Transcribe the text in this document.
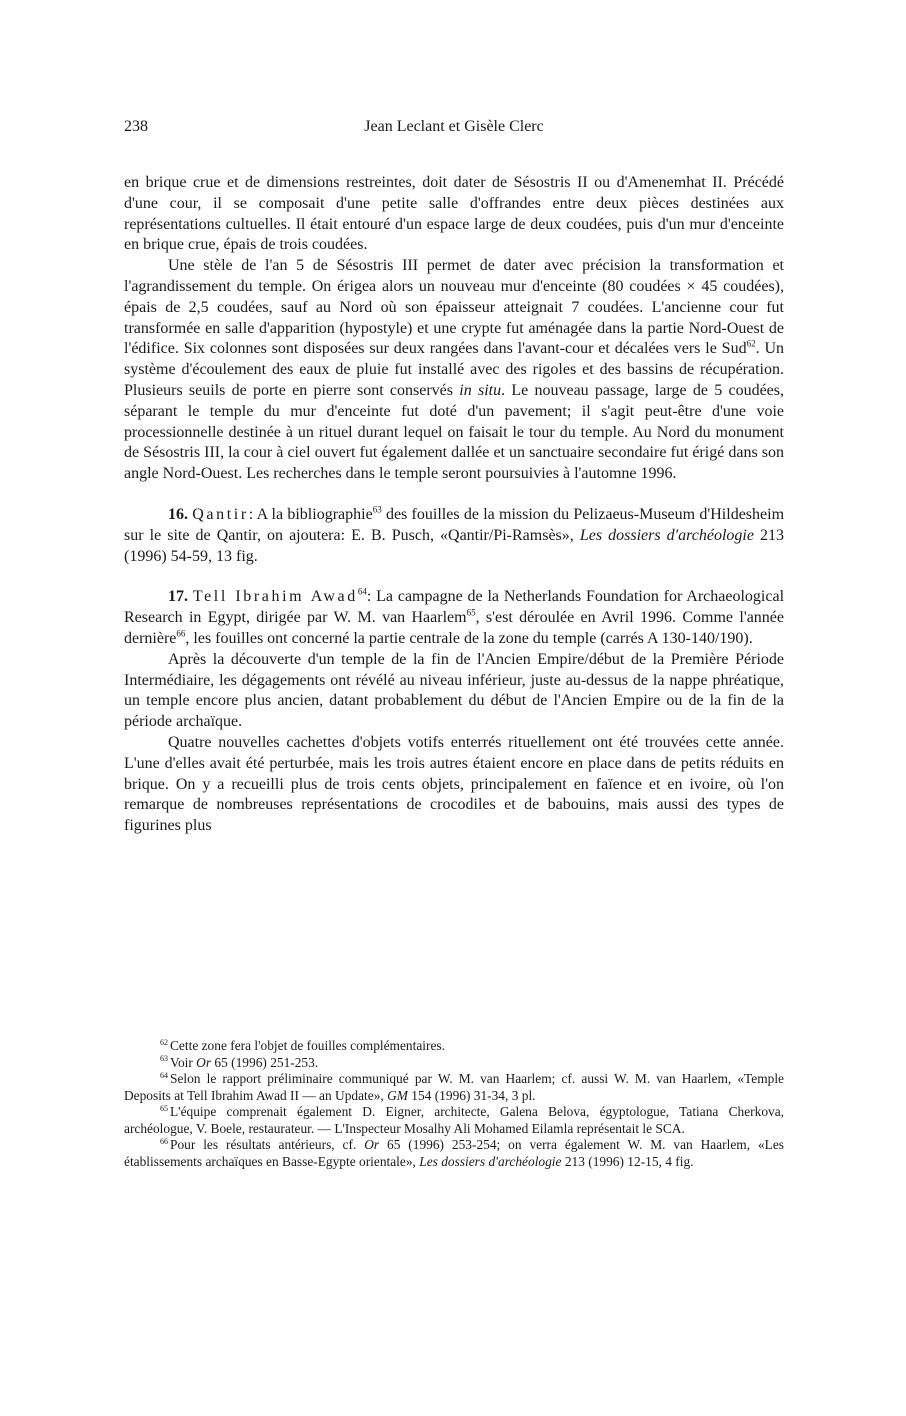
238	Jean Leclant et Gisèle Clerc

en brique crue et de dimensions restreintes, doit dater de Sésostris II ou d'Amenemhat II. Précédé d'une cour, il se composait d'une petite salle d'offrandes entre deux pièces destinées aux représentations cultuelles. Il était entouré d'un espace large de deux coudées, puis d'un mur d'enceinte en brique crue, épais de trois coudées.

Une stèle de l'an 5 de Sésostris III permet de dater avec précision la transformation et l'agrandissement du temple. On érigea alors un nouveau mur d'enceinte (80 coudées × 45 coudées), épais de 2,5 coudées, sauf au Nord où son épaisseur atteignait 7 coudées. L'ancienne cour fut transformée en salle d'apparition (hypostyle) et une crypte fut aménagée dans la partie Nord-Ouest de l'édifice. Six colonnes sont disposées sur deux rangées dans l'avant-cour et décalées vers le Sud$^{62}$. Un système d'écoulement des eaux de pluie fut installé avec des rigoles et des bassins de récupération. Plusieurs seuils de porte en pierre sont conservés in situ. Le nouveau passage, large de 5 coudées, séparant le temple du mur d'enceinte fut doté d'un pavement; il s'agit peut-être d'une voie processionnelle destinée à un rituel durant lequel on faisait le tour du temple. Au Nord du monument de Sésostris III, la cour à ciel ouvert fut également dallée et un sanctuaire secondaire fut érigé dans son angle Nord-Ouest. Les recherches dans le temple seront poursuivies à l'automne 1996.

16. Qantir: A la bibliographie$^{63}$ des fouilles de la mission du Pelizaeus-Museum d'Hildesheim sur le site de Qantir, on ajoutera: E. B. Pusch, «Qantir/Pi-Ramsès», Les dossiers d'archéologie 213 (1996) 54-59, 13 fig.

17. Tell Ibrahim Awad$^{64}$: La campagne de la Netherlands Foundation for Archaeological Research in Egypt, dirigée par W. M. van Haarlem$^{65}$, s'est déroulée en Avril 1996. Comme l'année dernière$^{66}$, les fouilles ont concerné la partie centrale de la zone du temple (carrés A 130-140/190).

Après la découverte d'un temple de la fin de l'Ancien Empire/début de la Première Période Intermédiaire, les dégagements ont révélé au niveau inférieur, juste au-dessus de la nappe phréatique, un temple encore plus ancien, datant probablement du début de l'Ancien Empire ou de la fin de la période archaïque.

Quatre nouvelles cachettes d'objets votifs enterrés rituellement ont été trouvées cette année. L'une d'elles avait été perturbée, mais les trois autres étaient encore en place dans de petits réduits en brique. On y a recueilli plus de trois cents objets, principalement en faïence et en ivoire, où l'on remarque de nombreuses représentations de crocodiles et de babouins, mais aussi des types de figurines plus

$^{62}$ Cette zone fera l'objet de fouilles complémentaires.

$^{63}$ Voir Or 65 (1996) 251-253.

$^{64}$ Selon le rapport préliminaire communiqué par W. M. van Haarlem; cf. aussi W. M. van Haarlem, «Temple Deposits at Tell Ibrahim Awad II — an Update», GM 154 (1996) 31-34, 3 pl.

$^{65}$ L'équipe comprenait également D. Eigner, architecte, Galena Belova, égyptologue, Tatiana Cherkova, archéologue, V. Boele, restaurateur. — L'Inspecteur Mosalhy Ali Mohamed Eilamla représentait le SCA.

$^{66}$ Pour les résultats antérieurs, cf. Or 65 (1996) 253-254; on verra également W. M. van Haarlem, «Les établissements archaïques en Basse-Egypte orientale», Les dossiers d'archéologie 213 (1996) 12-15, 4 fig.
